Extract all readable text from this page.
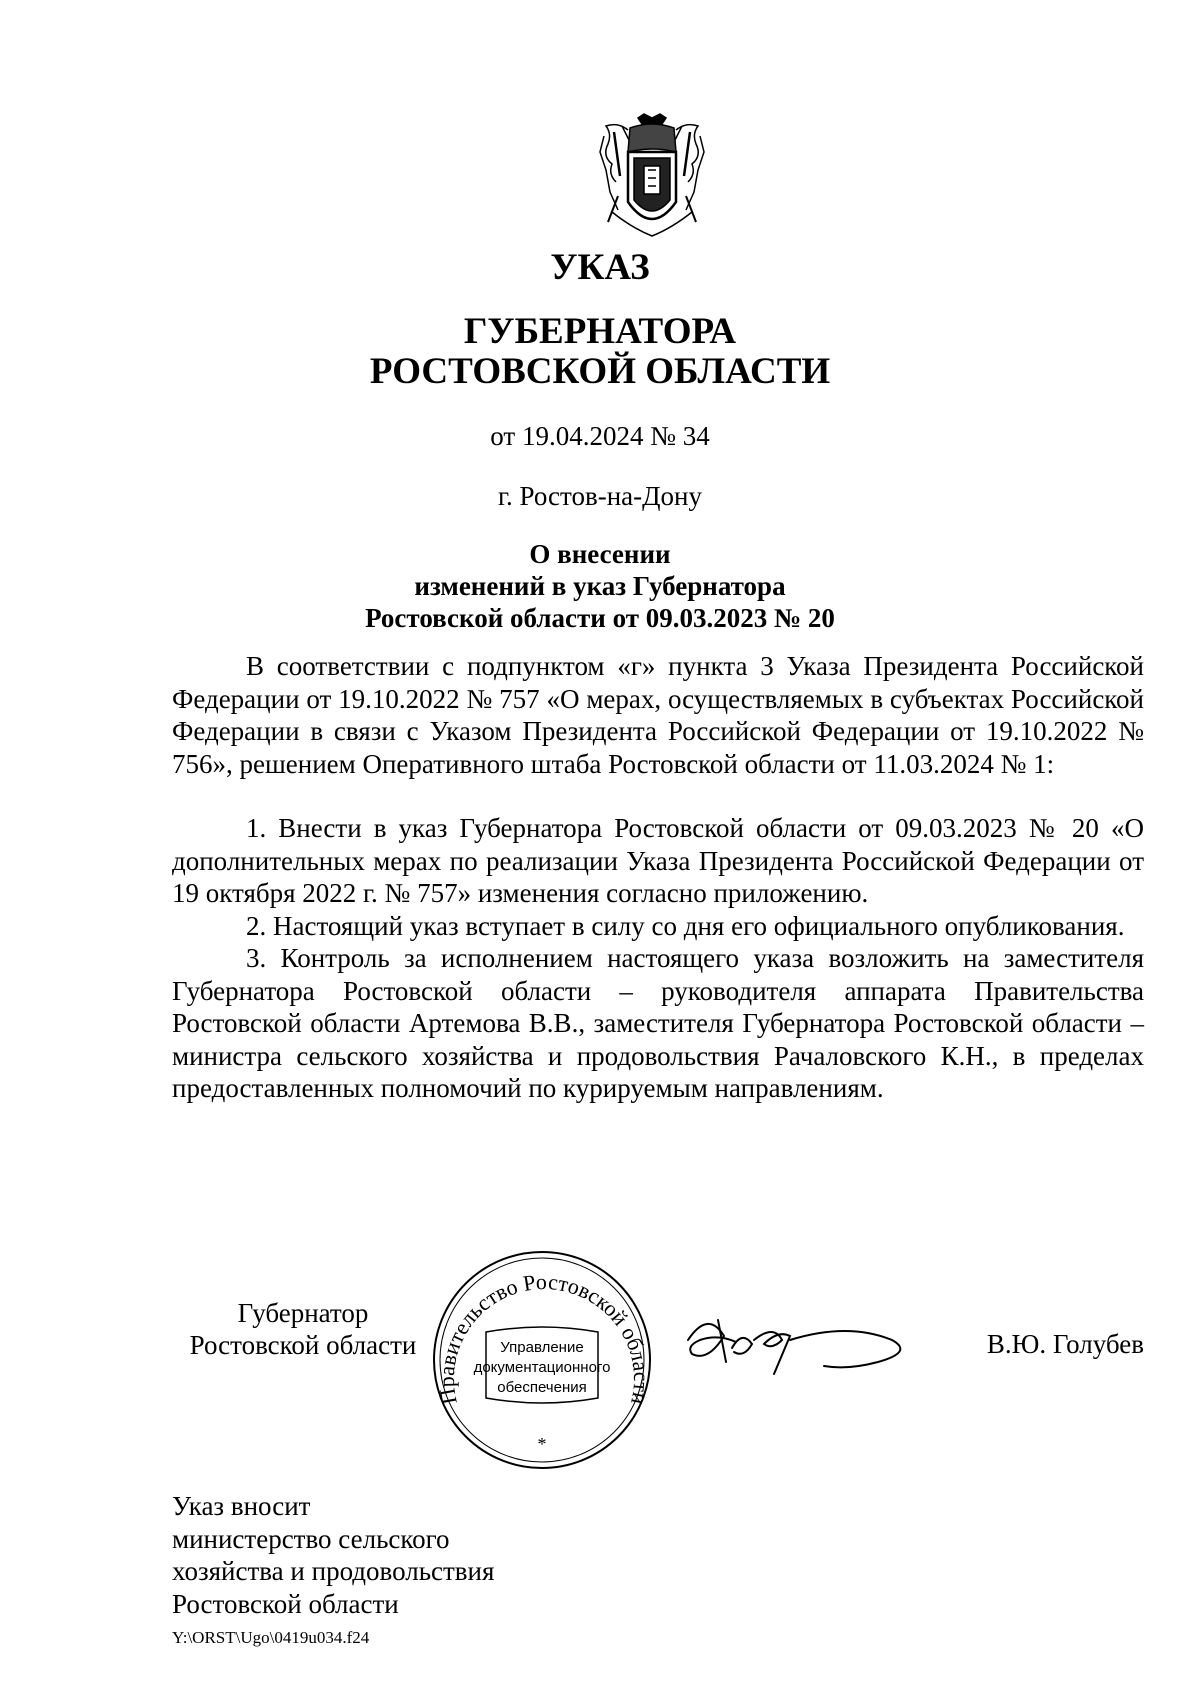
УКАЗ
ГУБЕРНАТОРА
РОСТОВСКОЙ ОБЛАСТИ
от 19.04.2024 № 34
г. Ростов-на-Дону
О внесении
изменений в указ Губернатора
Ростовской области от 09.03.2023 № 20

В соответствии с подпунктом «г» пункта 3 Указа Президента Российской Федерации от 19.10.2022 № 757 «О мерах, осуществляемых в субъектах Российской Федерации в связи с Указом Президента Российской Федерации от 19.10.2022 № 756», решением Оперативного штаба Ростовской области от 11.03.2024 № 1:

1. Внести в указ Губернатора Ростовской области от 09.03.2023 № 20 «О дополнительных мерах по реализации Указа Президента Российской Федерации от 19 октября 2022 г. № 757» изменения согласно приложению.

2. Настоящий указ вступает в силу со дня его официального опубликования.

3. Контроль за исполнением настоящего указа возложить на заместителя Губернатора Ростовской области – руководителя аппарата Правительства Ростовской области Артемова В.В., заместителя Губернатора Ростовской области – министра сельского хозяйства и продовольствия Рачаловского К.Н., в пределах предоставленных полномочий по курируемым направлениям.

Губернатор
Ростовской области
Правительство Ростовской области
Управление
документационного
обеспечения
*
В.Ю. Голубев
Указ вносит
министерство сельского
хозяйства и продовольствия
Ростовской области
Y:\ORST\Ugo\0419u034.f24
